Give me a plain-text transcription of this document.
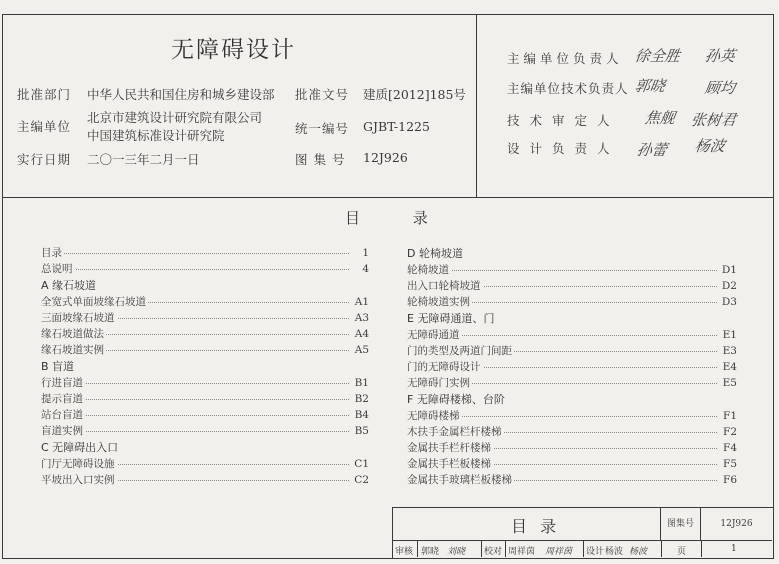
无障碍设计
批准部门 中华人民共和国住房和城乡建设部 批准文号 建质[2012]185号
主编单位
北京市建筑设计研究院有限公司
中国建筑标准设计研究院	统一编号 GJBT-1225
实行日期 二〇一三年二月一日	图 集 号 12J926
主编单位负责人 徐全胜 孙英
主编单位技术负责人 郭晓 顾均
技术审定人 焦舰 张树君
设计负责人 孙蕾 杨波
目	录
目录	1
总说明	4
A 缘石坡道
全宽式单面坡缘石坡道	A1
三面坡缘石坡道	A3
缘石坡道做法	A4
缘石坡道实例	A5
B 盲道
行进盲道	B1
提示盲道	B2
站台盲道	B4
盲道实例	B5
C 无障碍出入口
门厅无障碍设施	C1
平坡出入口实例	C2
D 轮椅坡道
轮椅坡道	D1
出入口轮椅坡道	D2
轮椅坡道实例	D3
E 无障碍通道、门
无障碍通道	E1
门的类型及两道门间距	E3
门的无障碍设计	E4
无障碍门实例	E5
F 无障碍楼梯、台阶
无障碍楼梯	F1
木扶手金属栏杆楼梯	F2
金属扶手栏杆楼梯	F4
金属扶手栏板楼梯	F5
金属扶手玻璃栏板楼梯	F6
目 录	图集号	12J926
审核 郭晓 刘晓 校对 周祥茵 周祥茵 设计 杨波 杨波	页	1
